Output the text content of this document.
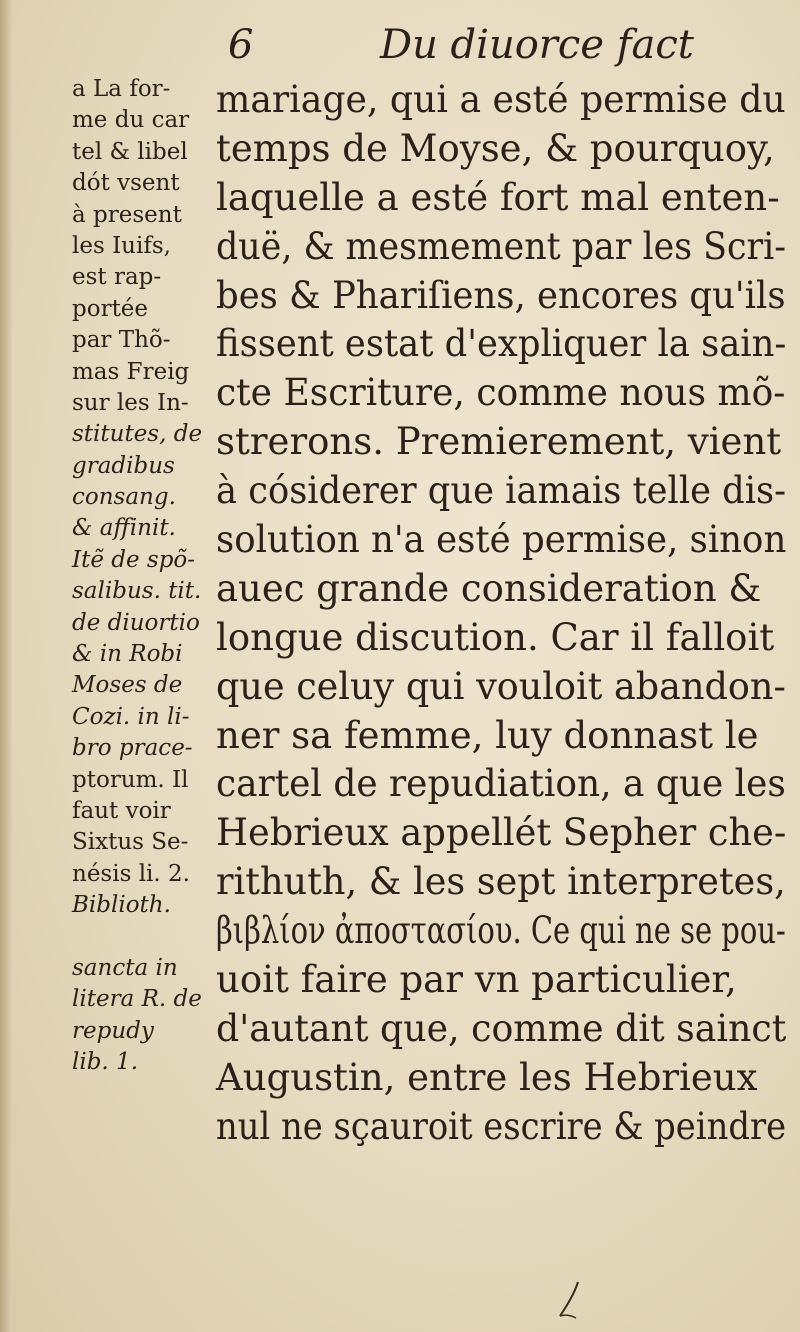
6	Du diuorce fact
a La for-
me du car
tel & libel
dót vsent
à present
les Iuifs,
est rap-
portée
par Thõ-
mas Freig
sur les In-
stitutes, de
gradibus
consang.
& affinit.
Itẽ de spõ-
salibus. tit.
de diuortio
& in Robi
Moses de
Cozi. in li-
bro prace-
ptorum. Il
faut voir
Sixtus Se-
nésis li. 2.
Biblioth.
sancta in
litera R. de
repudy
lib. 1.
mariage, qui a esté permise du
temps de Moyse, & pourquoy,
laquelle a esté fort mal enten-
duë, & mesmement par les Scri-
bes & Phariſiens, encores qu'ils
fissent estat d'expliquer la sain-
cte Escriture, comme nous mõ-
strerons. Premierement, vient
à cósiderer que iamais telle dis-
solution n'a esté permise, sinon
auec grande consideration &
longue discution. Car il falloit
que celuy qui vouloit abandon-
ner sa femme, luy donnast le
cartel de repudiation, a que les
Hebrieux appellét Sepher che-
rithuth, & les sept interpretes,
βιβλίον ἀποστασίου. Ce qui ne se pou-
uoit faire par vn particulier,
d'autant que, comme dit sainct
Augustin, entre les Hebrieux
nul ne sçauroit escrire & peindre
